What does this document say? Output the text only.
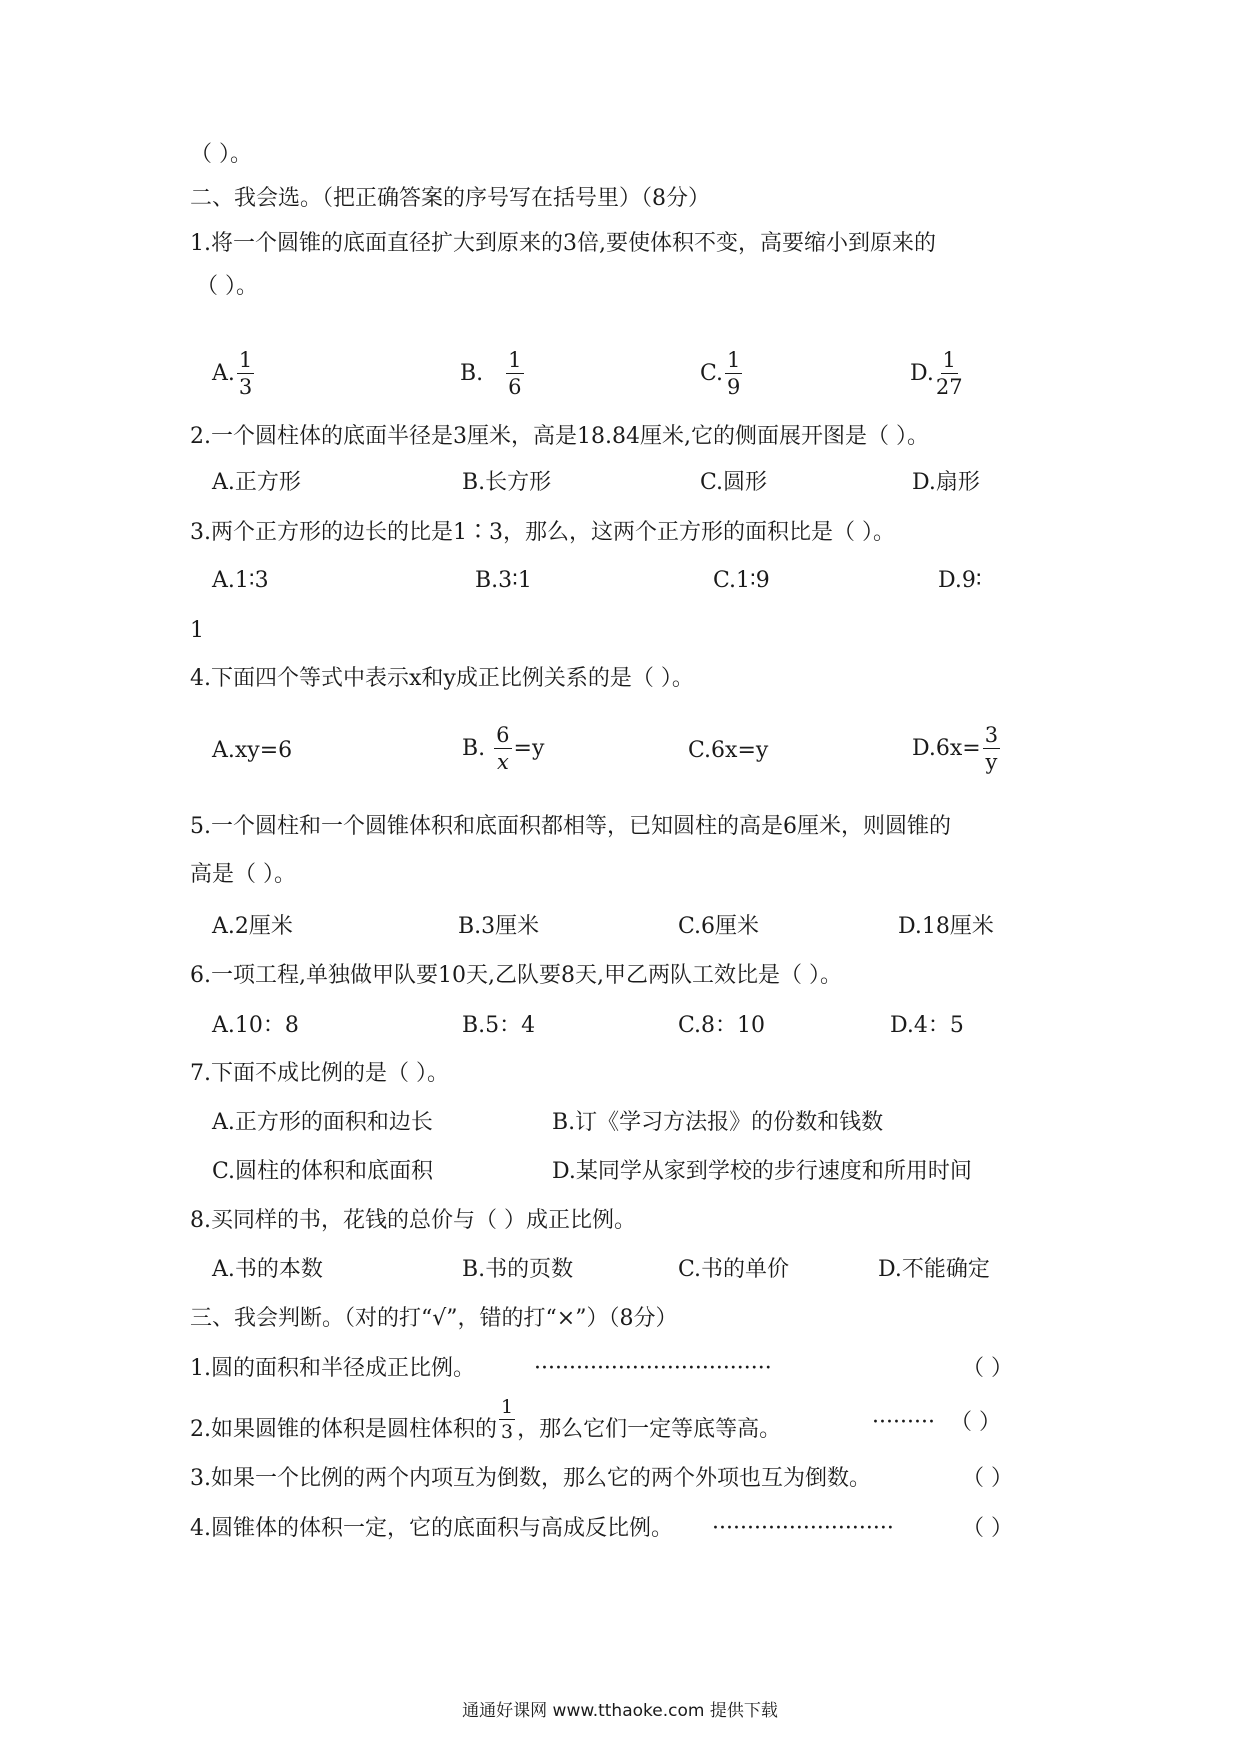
（ ）。
二、我会选。（把正确答案的序号写在括号里）（8分）
1.将一个圆锥的底面直径扩大到原来的3倍,要使体积不变，高要缩小到原来的
（ ）。
A. $\frac{1}{3}$	B. $\frac{1}{6}$	C. $\frac{1}{9}$	D. $\frac{1}{27}$
2.一个圆柱体的底面半径是3厘米，高是18.84厘米,它的侧面展开图是（ ）。
A.正方形	B.长方形	C.圆形	D.扇形
3.两个正方形的边长的比是1∶3，那么，这两个正方形的面积比是（ ）。
A.1∶3	B.3∶1	C.1∶9	D.9∶
1
4.下面四个等式中表示x和y成正比例关系的是（ ）。
A.xy=6	B. $\frac{6}{x} =y$	C.6x=y	$D.6x= \frac{3}{y}$
5.一个圆柱和一个圆锥体积和底面积都相等，已知圆柱的高是6厘米，则圆锥的
高是（ ）。
A.2厘米	B.3厘米	C.6厘米	D.18厘米
6.一项工程,单独做甲队要10天,乙队要8天,甲乙两队工效比是（ ）。
A.10：8	B.5：4	C.8：10	D.4：5
7.下面不成比例的是（ ）。
A.正方形的面积和边长	B.订《学习方法报》的份数和钱数
C.圆柱的体积和底面积	D.某同学从家到学校的步行速度和所用时间
8.买同样的书，花钱的总价与（ ）成正比例。
A.书的本数	B.书的页数	C.书的单价	D.不能确定
三、我会判断。（对的打“√”，错的打“×”）（8分）
1.圆的面积和半径成正比例。	··································	（ ）
2.如果圆锥的体积是圆柱体积的 $\frac{1}{3}$ ，那么它们一定等底等高。	········· （ ）
3.如果一个比例的两个内项互为倒数，那么它的两个外项也互为倒数。	（ ）
4.圆锥体的体积一定，它的底面积与高成反比例。 ··························	（ ）
通通好课网 www.tthaoke.com 提供下载
